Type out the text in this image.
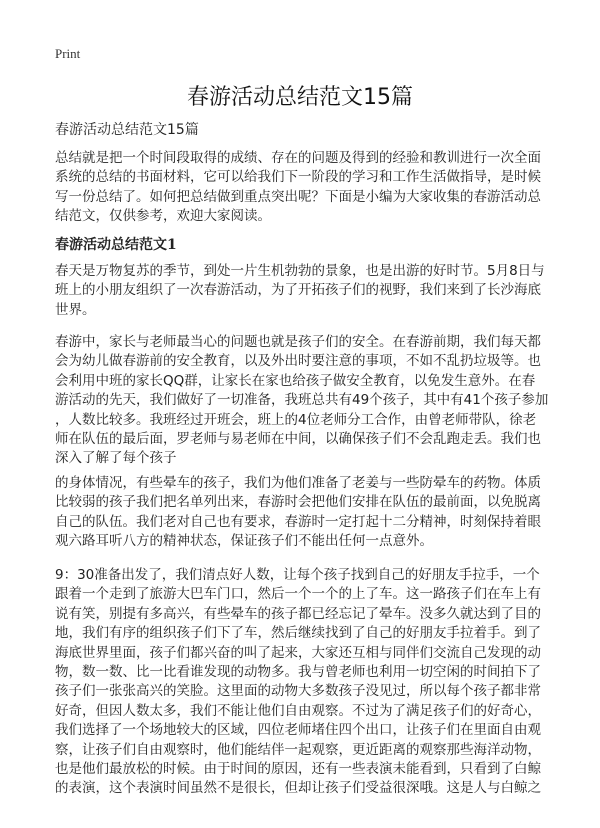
Print
春游活动总结范文15篇
春游活动总结范文15篇
总结就是把一个时间段取得的成绩、存在的问题及得到的经验和教训进行一次全面
系统的总结的书面材料，它可以给我们下一阶段的学习和工作生活做指导，是时候
写一份总结了。如何把总结做到重点突出呢？下面是小编为大家收集的春游活动总
结范文，仅供参考，欢迎大家阅读。
春游活动总结范文1
春天是万物复苏的季节，到处一片生机勃勃的景象，也是出游的好时节。5月8日与
班上的小朋友组织了一次春游活动，为了开拓孩子们的视野，我们来到了长沙海底
世界。
春游中，家长与老师最当心的问题也就是孩子们的安全。在春游前期，我们每天都
会为幼儿做春游前的安全教育，以及外出时要注意的事项，不如不乱扔垃圾等。也
会利用中班的家长QQ群，让家长在家也给孩子做安全教育，以免发生意外。在春
游活动的先天，我们做好了一切准备，我班总共有49个孩子，其中有41个孩子参加
，人数比较多。我班经过开班会，班上的4位老师分工合作，由曾老师带队，徐老
师在队伍的最后面，罗老师与易老师在中间，以确保孩子们不会乱跑走丢。我们也
深入了解了每个孩子
的身体情况，有些晕车的孩子，我们为他们准备了老姜与一些防晕车的药物。体质
比较弱的孩子我们把名单列出来，春游时会把他们安排在队伍的最前面，以免脱离
自己的队伍。我们老对自己也有要求，春游时一定打起十二分精神，时刻保持着眼
观六路耳听八方的精神状态，保证孩子们不能出任何一点意外。
9：30准备出发了，我们清点好人数，让每个孩子找到自己的好朋友手拉手，一个
跟着一个走到了旅游大巴车门口，然后一个一个的上了车。这一路孩子们在车上有
说有笑，别提有多高兴，有些晕车的孩子都已经忘记了晕车。没多久就达到了目的
地，我们有序的组织孩子们下了车，然后继续找到了自己的好朋友手拉着手。到了
海底世界里面，孩子们都兴奋的叫了起来，大家还互相与同伴们交流自己发现的动
物，数一数、比一比看谁发现的动物多。我与曾老师也利用一切空闲的时间拍下了
孩子们一张张高兴的笑脸。这里面的动物大多数孩子没见过，所以每个孩子都非常
好奇，但因人数太多，我们不能让他们自由观察。不过为了满足孩子们的好奇心，
我们选择了一个场地较大的区域，四位老师堵住四个出口，让孩子们在里面自由观
察，让孩子们自由观察时，他们能结伴一起观察，更近距离的观察那些海洋动物，
也是他们最放松的时候。由于时间的原因，还有一些表演未能看到，只看到了白鲸
的表演，这个表演时间虽然不是很长，但却让孩子们受益很深哦。这是人与白鲸之
